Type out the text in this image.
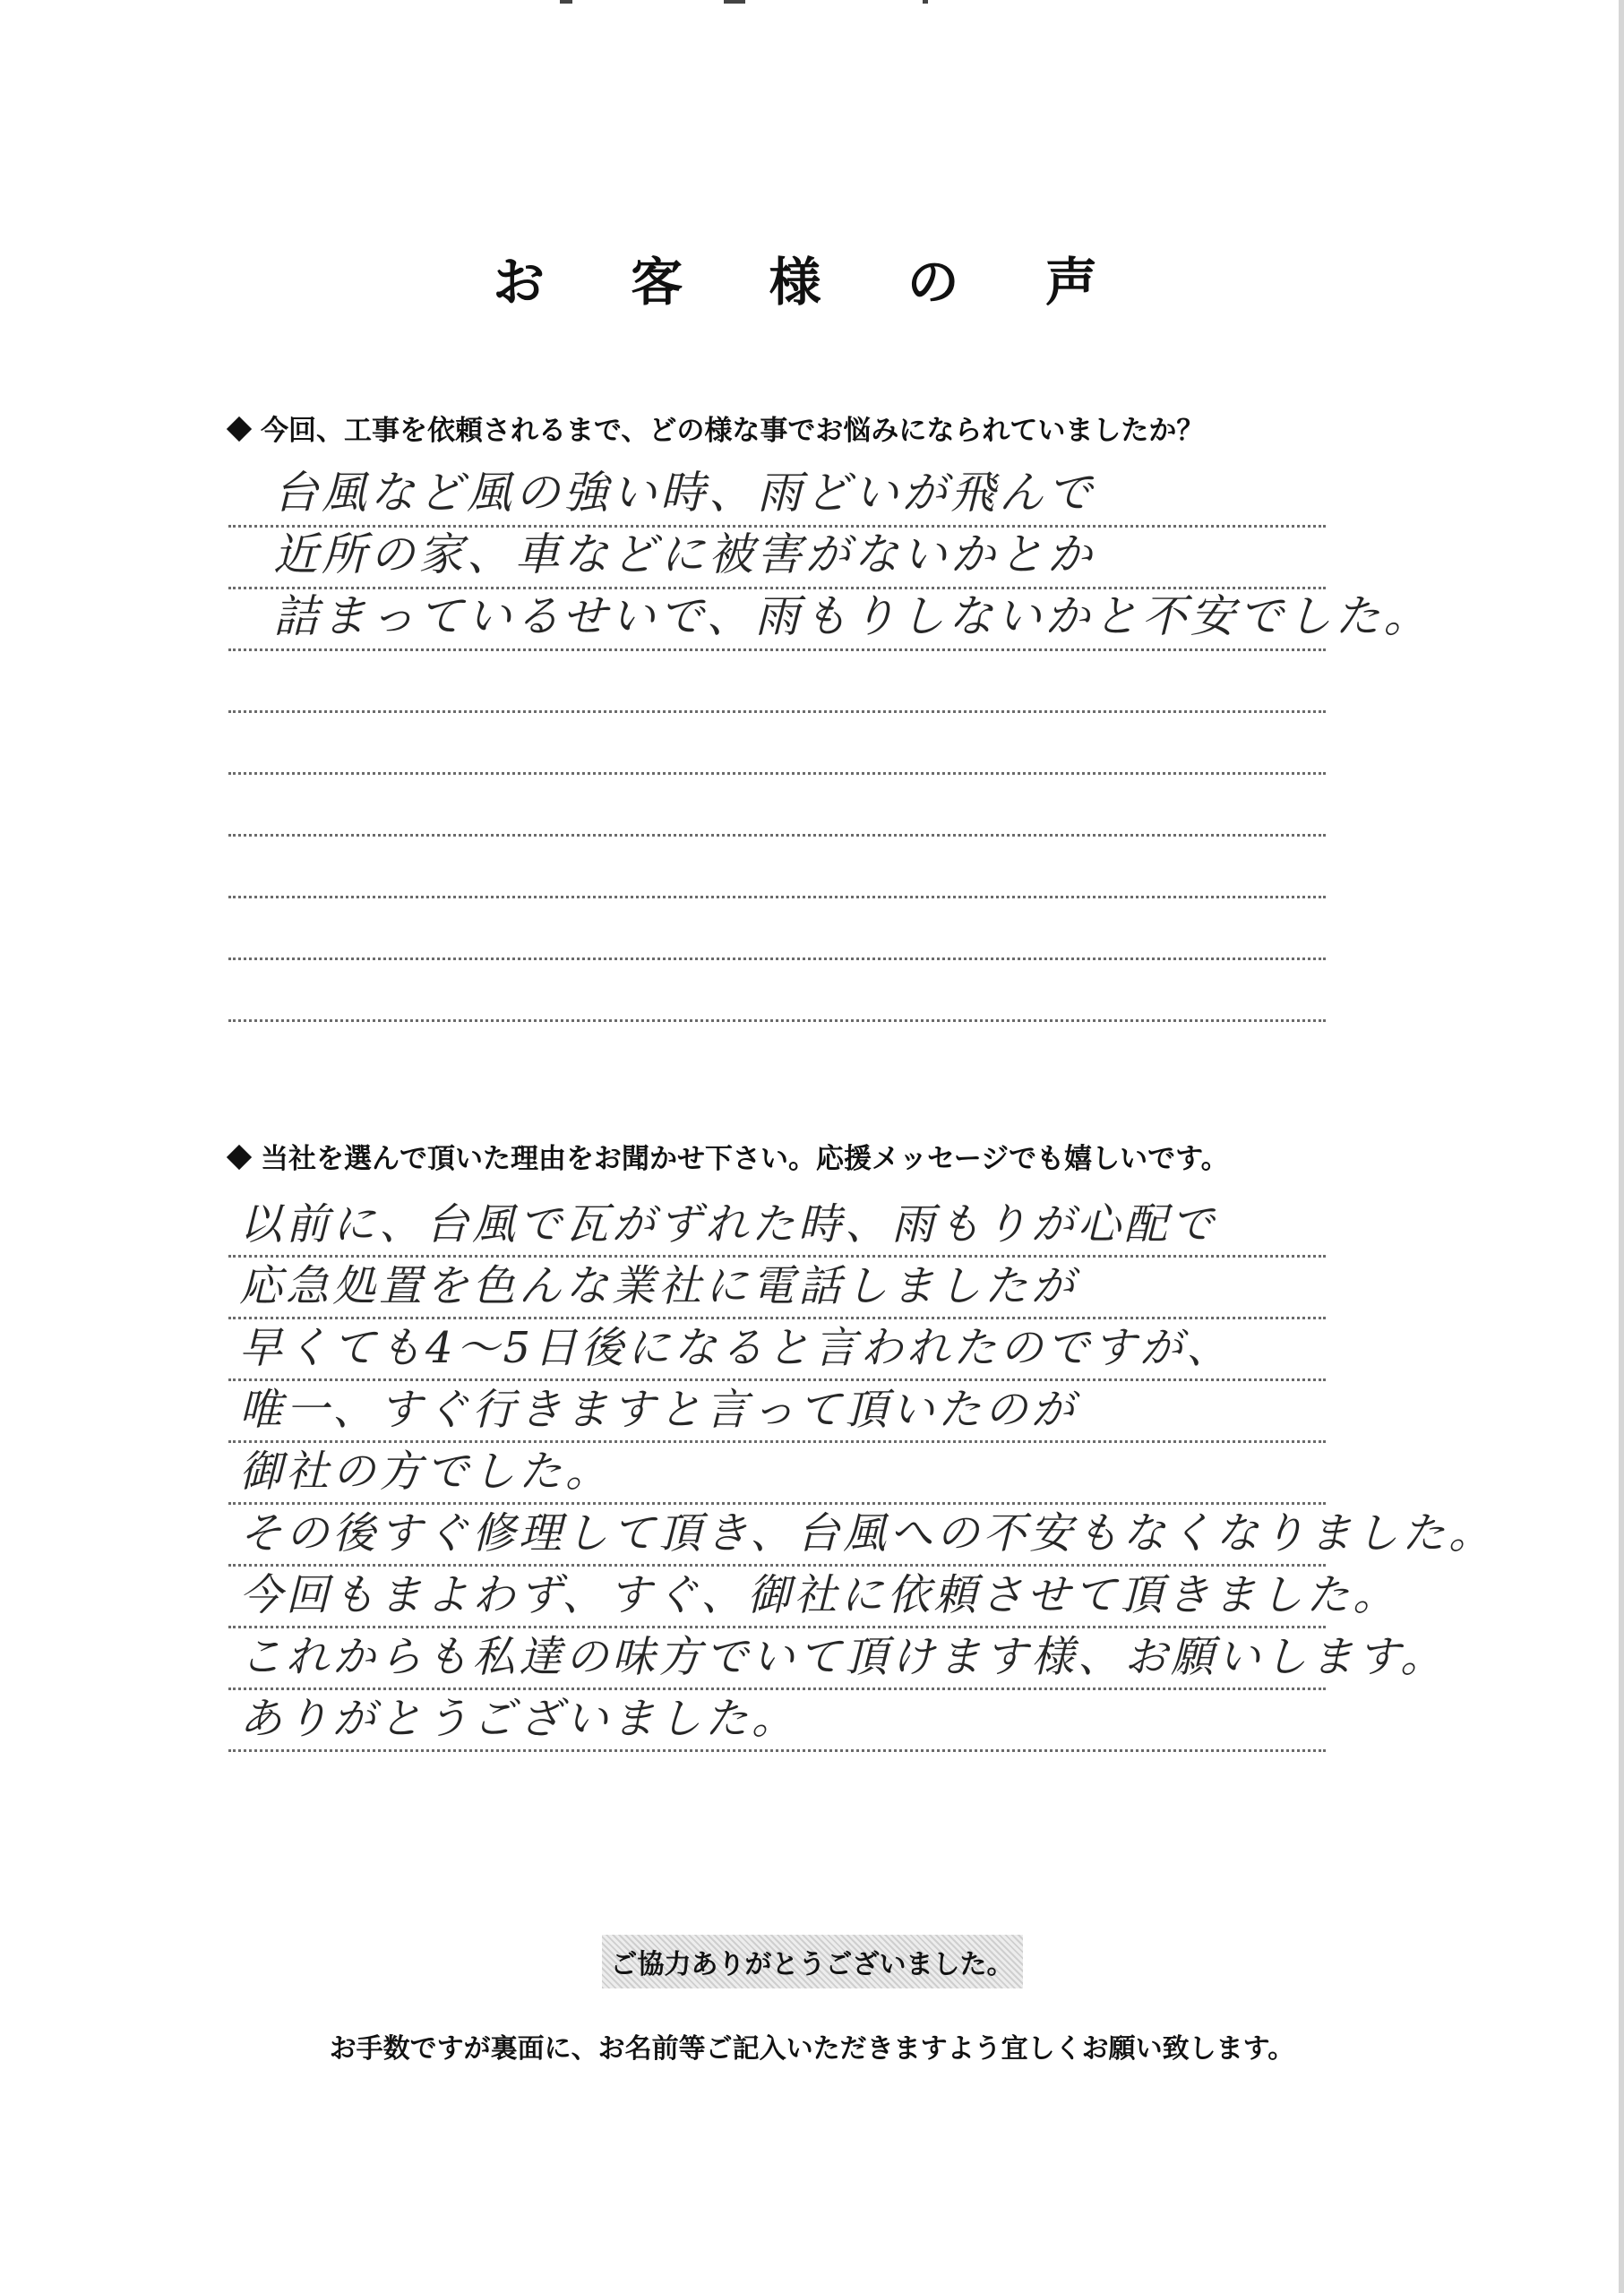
お 客 様 の 声
今回、工事を依頼されるまで、どの様な事でお悩みになられていましたか？
台風など風の強い時、雨どいが飛んで
近所の家、車などに被害がないかとか
詰まっているせいで、雨もりしないかと不安でした。
当社を選んで頂いた理由をお聞かせ下さい。応援メッセージでも嬉しいです。
以前に、台風で瓦がずれた時、雨もりが心配で
応急処置を色んな業社に電話しましたが
早くても4～5日後になると言われたのですが、
唯一、すぐ行きますと言って頂いたのが
御社の方でした。
その後すぐ修理して頂き、台風への不安もなくなりました。
今回もまよわず、すぐ、御社に依頼させて頂きました。
これからも私達の味方でいて頂けます様、お願いします。
ありがとうございました。
ご協力ありがとうございました。
お手数ですが裏面に、お名前等ご記入いただきますよう宜しくお願い致します。
